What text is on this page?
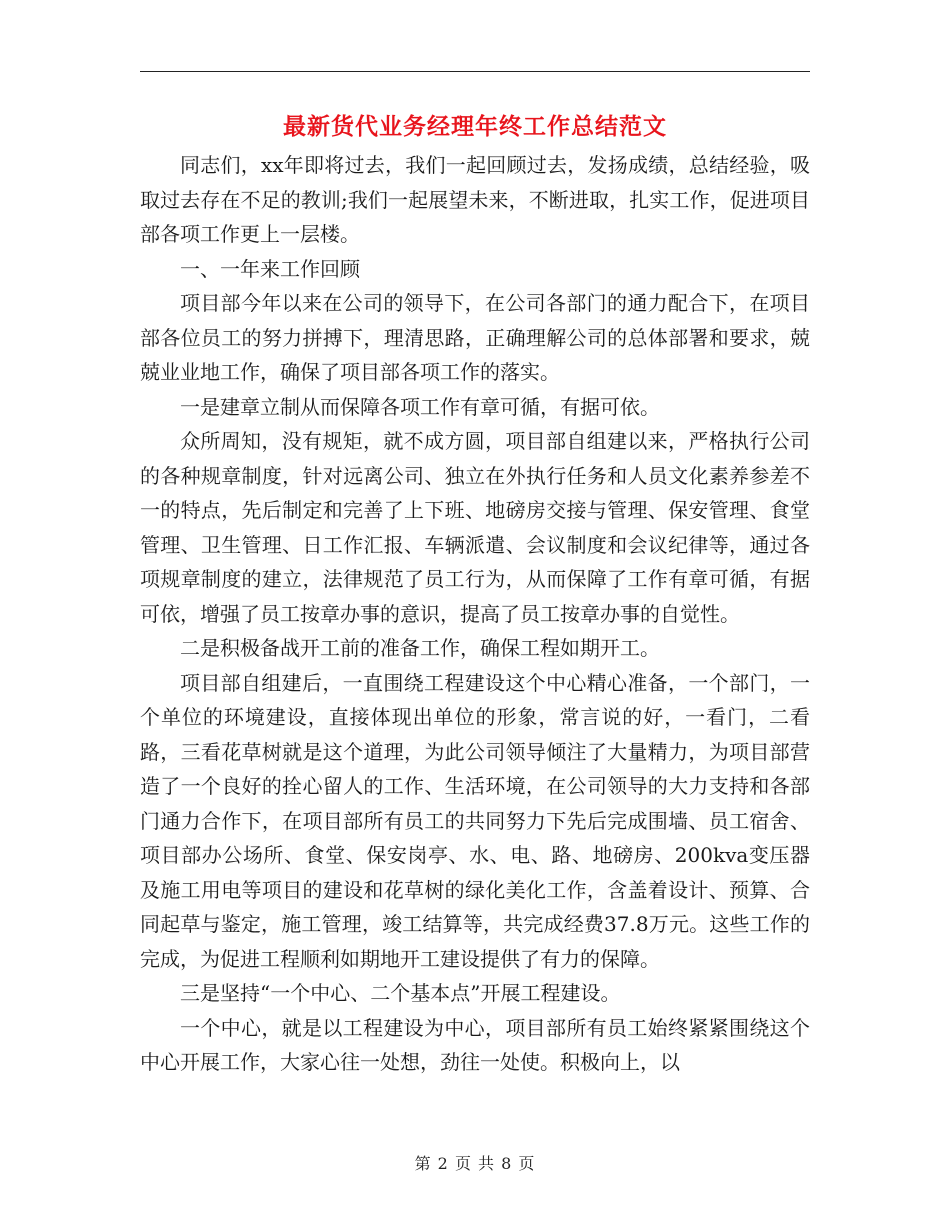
最新货代业务经理年终工作总结范文

同志们，xx年即将过去，我们一起回顾过去，发扬成绩，总结经验，吸取过去存在不足的教训;我们一起展望未来，不断进取，扎实工作，促进项目部各项工作更上一层楼。

一、一年来工作回顾

项目部今年以来在公司的领导下，在公司各部门的通力配合下，在项目部各位员工的努力拼搏下，理清思路，正确理解公司的总体部署和要求，兢兢业业地工作，确保了项目部各项工作的落实。

一是建章立制从而保障各项工作有章可循，有据可依。

众所周知，没有规矩，就不成方圆，项目部自组建以来，严格执行公司的各种规章制度，针对远离公司、独立在外执行任务和人员文化素养参差不一的特点，先后制定和完善了上下班、地磅房交接与管理、保安管理、食堂管理、卫生管理、日工作汇报、车辆派遣、会议制度和会议纪律等，通过各项规章制度的建立，法律规范了员工行为，从而保障了工作有章可循，有据可依，增强了员工按章办事的意识，提高了员工按章办事的自觉性。

二是积极备战开工前的准备工作，确保工程如期开工。

项目部自组建后，一直围绕工程建设这个中心精心准备，一个部门，一个单位的环境建设，直接体现出单位的形象，常言说的好，一看门，二看路，三看花草树就是这个道理，为此公司领导倾注了大量精力，为项目部营造了一个良好的拴心留人的工作、生活环境，在公司领导的大力支持和各部门通力合作下，在项目部所有员工的共同努力下先后完成围墙、员工宿舍、项目部办公场所、食堂、保安岗亭、水、电、路、地磅房、200kva变压器及施工用电等项目的建设和花草树的绿化美化工作，含盖着设计、预算、合同起草与鉴定，施工管理，竣工结算等，共完成经费37.8万元。这些工作的完成，为促进工程顺利如期地开工建设提供了有力的保障。

三是坚持“一个中心、二个基本点”开展工程建设。

一个中心，就是以工程建设为中心，项目部所有员工始终紧紧围绕这个中心开展工作，大家心往一处想，劲往一处使。积极向上，以

第 2 页 共 8 页
